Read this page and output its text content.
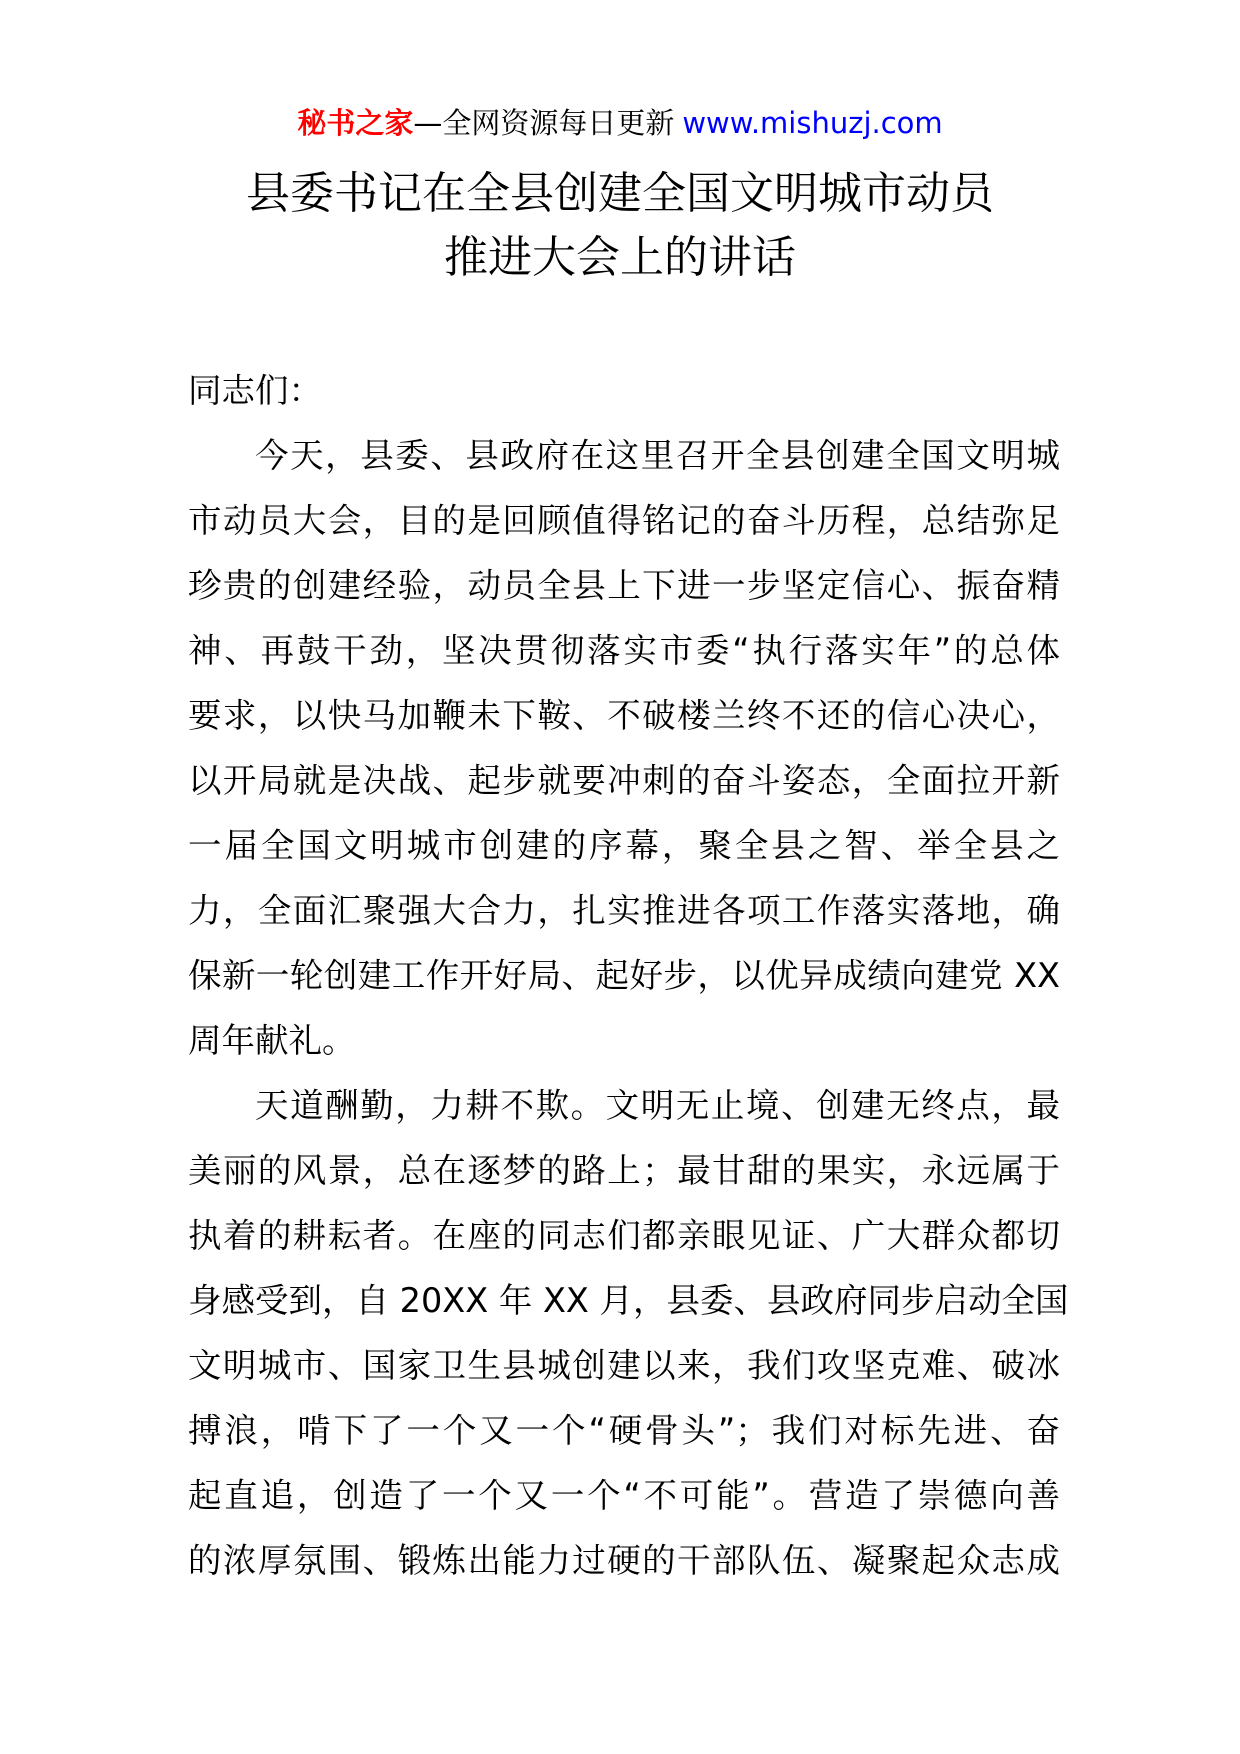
秘书之家—全网资源每日更新 www.mishuzj.com
县委书记在全县创建全国文明城市动员
推进大会上的讲话

同志们：

今天，县委、县政府在这里召开全县创建全国文明城
市动员大会，目的是回顾值得铭记的奋斗历程，总结弥足
珍贵的创建经验，动员全县上下进一步坚定信心、振奋精
神、再鼓干劲，坚决贯彻落实市委“执行落实年”的总体
要求，以快马加鞭未下鞍、不破楼兰终不还的信心决心，
以开局就是决战、起步就要冲刺的奋斗姿态，全面拉开新
一届全国文明城市创建的序幕，聚全县之智、举全县之
力，全面汇聚强大合力，扎实推进各项工作落实落地，确
保新一轮创建工作开好局、起好步，以优异成绩向建党 XX
周年献礼。

天道酬勤，力耕不欺。文明无止境、创建无终点，最
美丽的风景，总在逐梦的路上；最甘甜的果实，永远属于
执着的耕耘者。在座的同志们都亲眼见证、广大群众都切
身感受到，自 20XX 年 XX 月，县委、县政府同步启动全国
文明城市、国家卫生县城创建以来，我们攻坚克难、破冰
搏浪，啃下了一个又一个“硬骨头”；我们对标先进、奋
起直追，创造了一个又一个“不可能”。营造了崇德向善
的浓厚氛围、锻炼出能力过硬的干部队伍、凝聚起众志成
